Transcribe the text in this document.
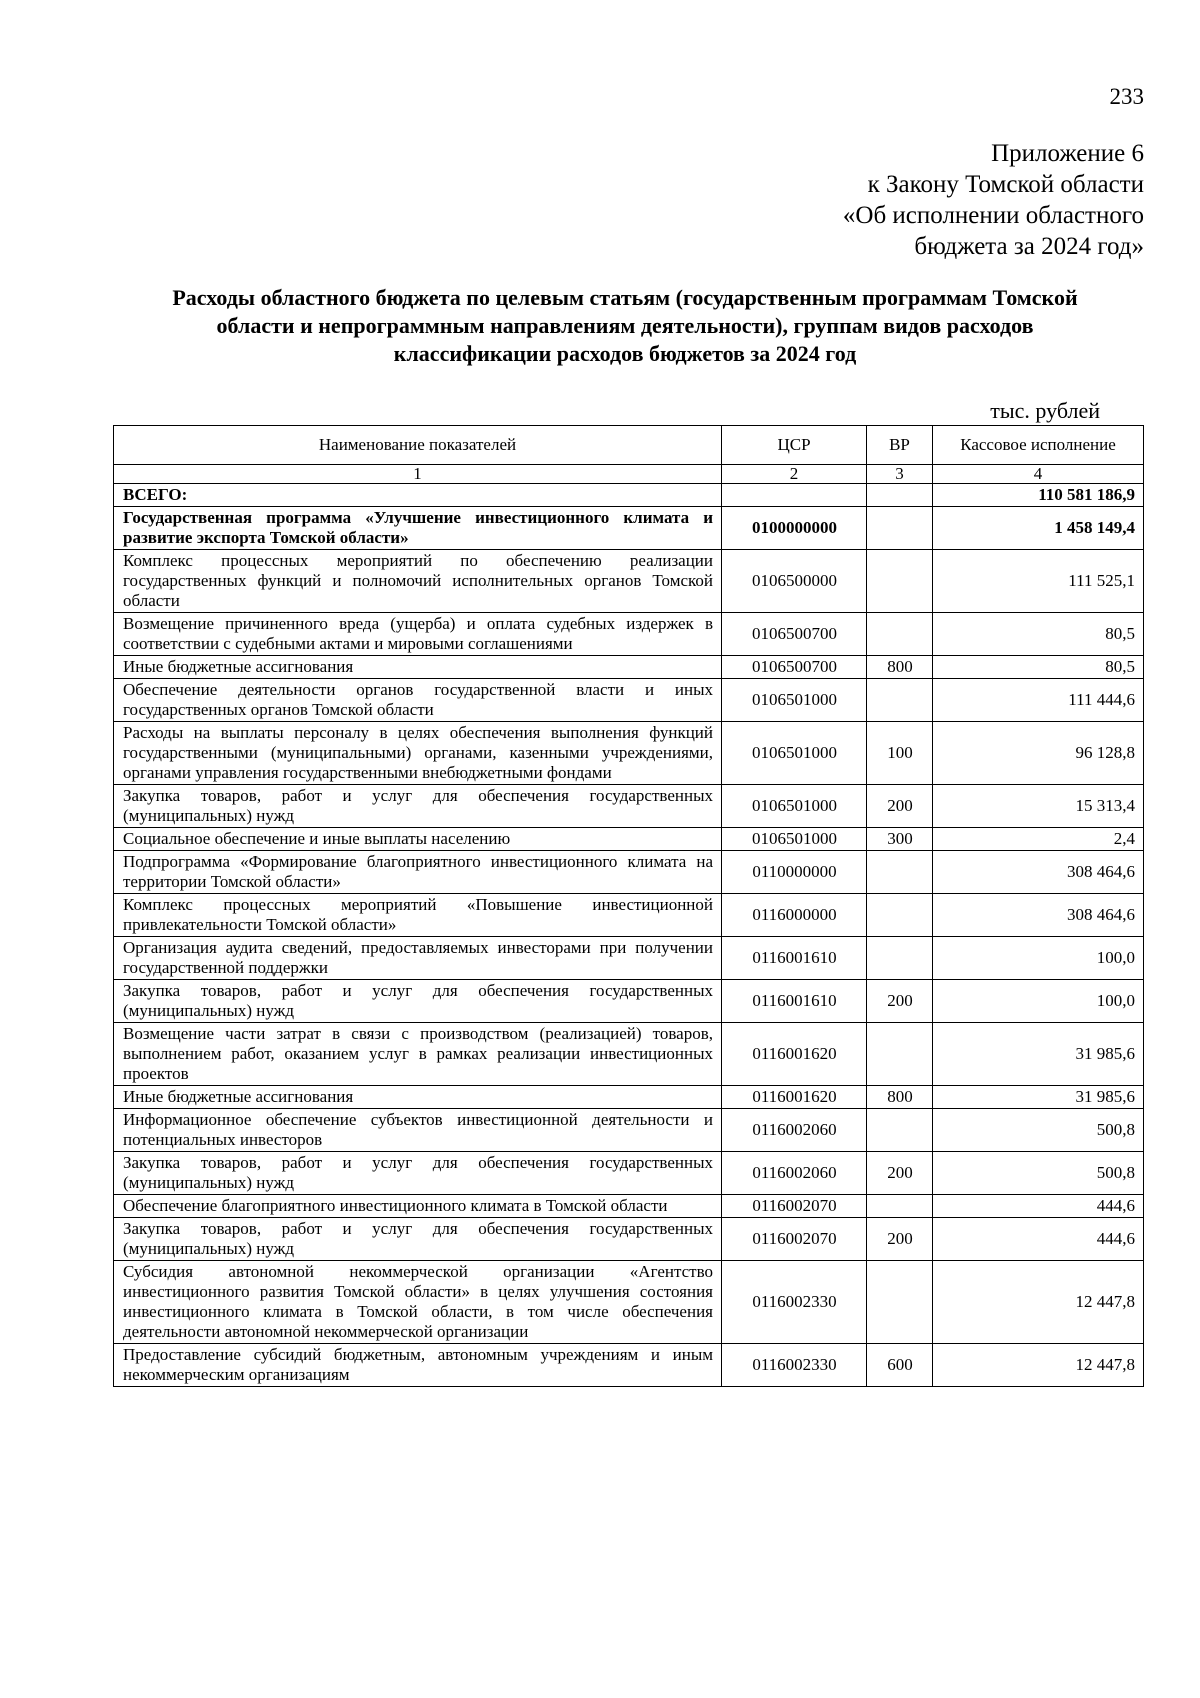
233
Приложение 6
к Закону Томской области
«Об исполнении областного
бюджета за 2024 год»
Расходы областного бюджета по целевым статьям (государственным программам Томской
области и непрограммным направлениям деятельности), группам видов расходов
классификации расходов бюджетов за 2024 год
тыс. рублей
Наименование показателей	ЦСР	ВР	Кассовое исполнение
1	2	3	4
ВСЕГО:			110 581 186,9
Государственная программа «Улучшение инвестиционного климата и развитие экспорта Томской области»	0100000000		1 458 149,4
Комплекс процессных мероприятий по обеспечению реализации государственных функций и полномочий исполнительных органов Томской области	0106500000		111 525,1
Возмещение причиненного вреда (ущерба) и оплата судебных издержек в соответствии с судебными актами и мировыми соглашениями	0106500700		80,5
Иные бюджетные ассигнования	0106500700	800	80,5
Обеспечение деятельности органов государственной власти и иных государственных органов Томской области	0106501000		111 444,6
Расходы на выплаты персоналу в целях обеспечения выполнения функций государственными (муниципальными) органами, казенными учреждениями, органами управления государственными внебюджетными фондами	0106501000	100	96 128,8
Закупка товаров, работ и услуг для обеспечения государственных (муниципальных) нужд	0106501000	200	15 313,4
Социальное обеспечение и иные выплаты населению	0106501000	300	2,4
Подпрограмма «Формирование благоприятного инвестиционного климата на территории Томской области»	0110000000		308 464,6
Комплекс процессных мероприятий «Повышение инвестиционной привлекательности Томской области»	0116000000		308 464,6
Организация аудита сведений, предоставляемых инвесторами при получении государственной поддержки	0116001610		100,0
Закупка товаров, работ и услуг для обеспечения государственных (муниципальных) нужд	0116001610	200	100,0
Возмещение части затрат в связи с производством (реализацией) товаров, выполнением работ, оказанием услуг в рамках реализации инвестиционных проектов	0116001620		31 985,6
Иные бюджетные ассигнования	0116001620	800	31 985,6
Информационное обеспечение субъектов инвестиционной деятельности и потенциальных инвесторов	0116002060		500,8
Закупка товаров, работ и услуг для обеспечения государственных (муниципальных) нужд	0116002060	200	500,8
Обеспечение благоприятного инвестиционного климата в Томской области	0116002070		444,6
Закупка товаров, работ и услуг для обеспечения государственных (муниципальных) нужд	0116002070	200	444,6
Субсидия автономной некоммерческой организации «Агентство инвестиционного развития Томской области» в целях улучшения состояния инвестиционного климата в Томской области, в том числе обеспечения деятельности автономной некоммерческой организации	0116002330		12 447,8
Предоставление субсидий бюджетным, автономным учреждениям и иным некоммерческим организациям	0116002330	600	12 447,8
